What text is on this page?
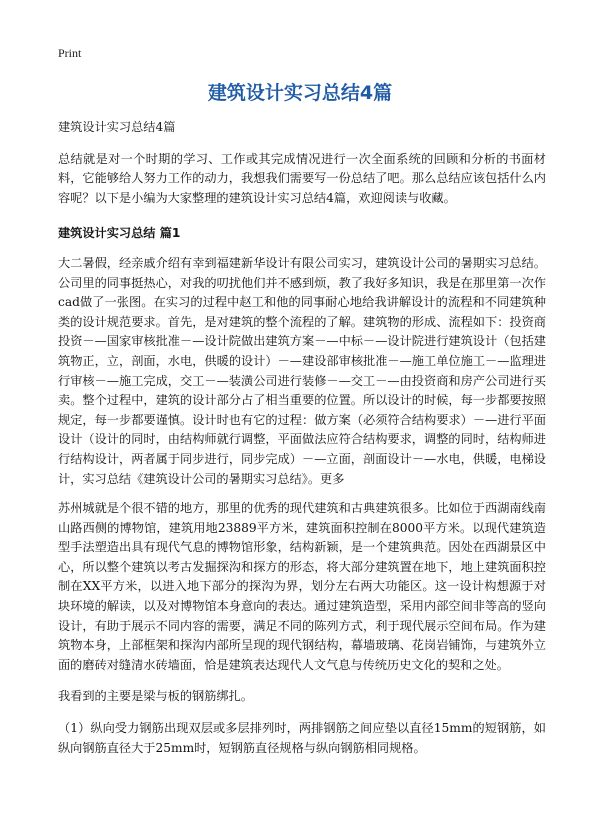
Print
建筑设计实习总结4篇

建筑设计实习总结4篇

总结就是对一个时期的学习、工作或其完成情况进行一次全面系统的回顾和分析的书面材料，它能够给人努力工作的动力，我想我们需要写一份总结了吧。那么总结应该包括什么内容呢？以下是小编为大家整理的建筑设计实习总结4篇，欢迎阅读与收藏。

建筑设计实习总结 篇1

大二暑假，经亲戚介绍有幸到福建新华设计有限公司实习，建筑设计公司的暑期实习总结。公司里的同事挺热心，对我的叨扰他们并不感到烦，教了我好多知识，我是在那里第一次作cad做了一张图。在实习的过程中赵工和他的同事耐心地给我讲解设计的流程和不同建筑种类的设计规范要求。首先，是对建筑的整个流程的了解。建筑物的形成、流程如下：投资商投资－—国家审核批准－—设计院做出建筑方案－—中标－—设计院进行建筑设计（包括建筑物正，立，剖面，水电，供暖的设计）－—建设部审核批准－—施工单位施工－—监理进行审核－—施工完成，交工－—装潢公司进行装修－—交工－—由投资商和房产公司进行买卖。整个过程中，建筑的设计部分占了相当重要的位置。所以设计的时候，每一步都要按照规定，每一步都要谨慎。设计时也有它的过程：做方案（必须符合结构要求）－—进行平面设计（设计的同时，由结构师就行调整，平面做法应符合结构要求，调整的同时，结构师进行结构设计，两者属于同步进行，同步完成）－—立面，剖面设计－—水电，供暖，电梯设计，实习总结《建筑设计公司的暑期实习总结》。更多

苏州城就是个很不错的地方，那里的优秀的现代建筑和古典建筑很多。比如位于西湖南线南山路西侧的博物馆，建筑用地23889平方米，建筑面积控制在8000平方米。以现代建筑造型手法塑造出具有现代气息的博物馆形象，结构新颖，是一个建筑典范。因处在西湖景区中心，所以整个建筑以考古发掘探沟和探方的形态，将大部分建筑置在地下，地上建筑面积控制在XX平方米，以进入地下部分的探沟为界，划分左右两大功能区。这一设计构想源于对块环境的解读，以及对博物馆本身意向的表达。通过建筑造型，采用内部空间非等高的竖向设计，有助于展示不同内容的需要，满足不同的陈列方式，利于现代展示空间布局。作为建筑物本身，上部框架和探沟内部所呈现的现代钢结构，幕墙玻璃、花岗岩铺饰，与建筑外立面的磨砖对缝清水砖墙面，恰是建筑表达现代人文气息与传统历史文化的契和之处。

我看到的主要是梁与板的钢筋绑扎。

（1）纵向受力钢筋出现双层或多层排列时，两排钢筋之间应垫以直径15mm的短钢筋，如纵向钢筋直径大于25mm时，短钢筋直径规格与纵向钢筋相同规格。
